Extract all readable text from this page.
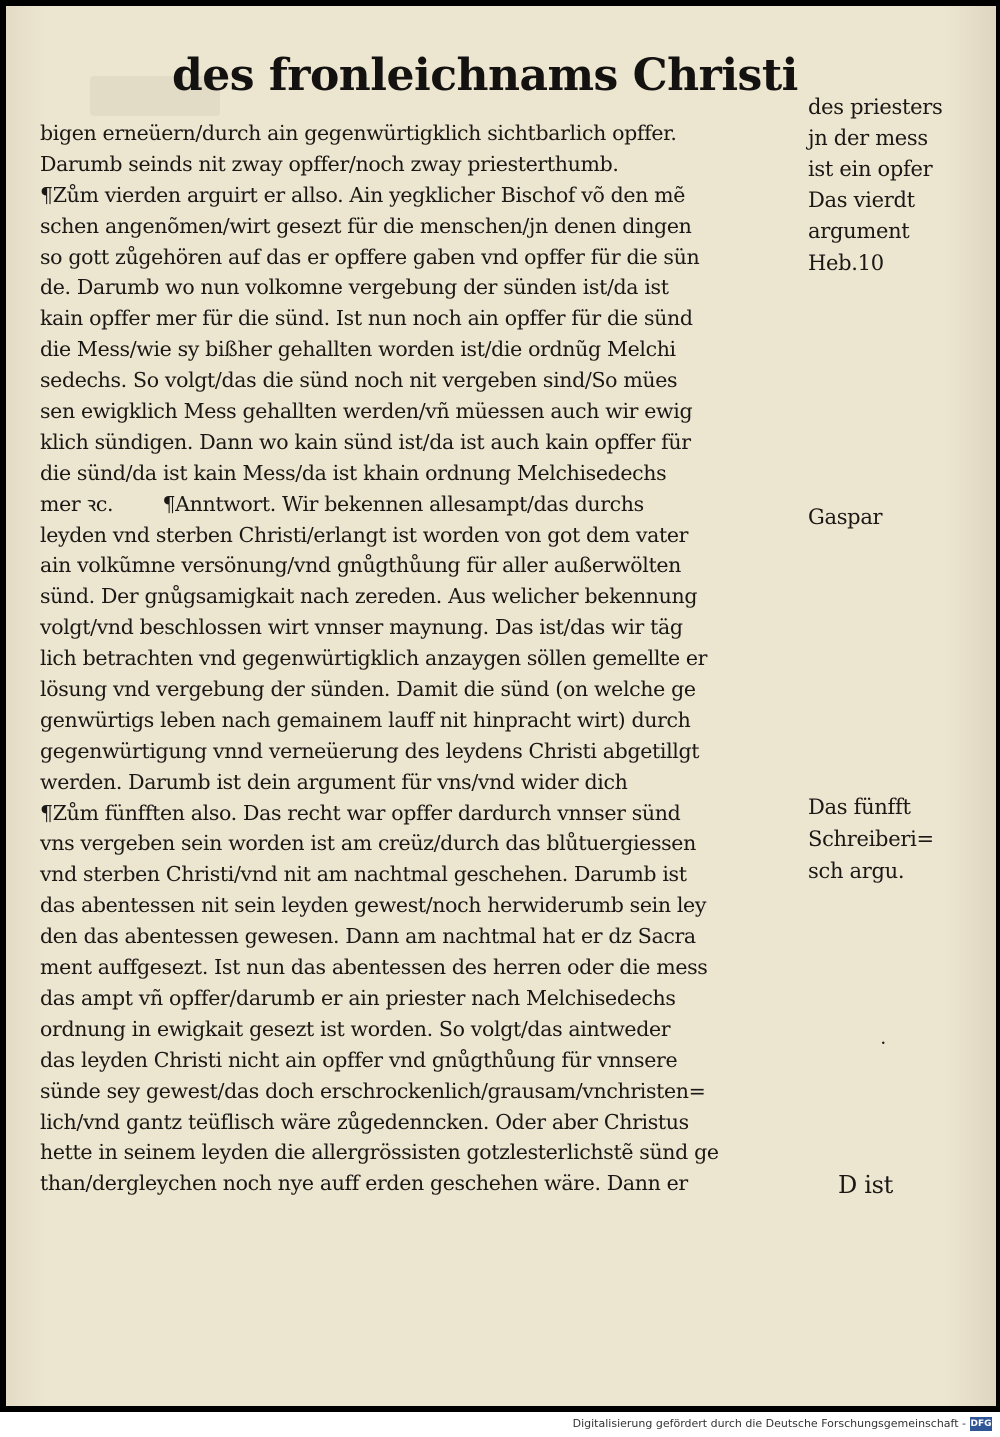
des fronleichnams Christi
bigen erneüern/durch ain gegenwürtigklich sichtbarlich opffer.
Darumb seinds nit zway opffer/noch zway priesterthumb.
¶Zům vierden arguirt er allso. Ain yegklicher Bischof võ den mẽ
schen angenõmen/wirt gesezt für die menschen/jn denen dingen
so gott zůgehören auf das er opffere gaben vnd opffer für die sün
de. Darumb wo nun volkomne vergebung der sünden ist/da ist
kain opffer mer für die sünd. Ist nun noch ain opffer für die sünd
die Mess/wie sy bißher gehallten worden ist/die ordnũg Melchi
sedechs. So volgt/das die sünd noch nit vergeben sind/So mües
sen ewigklich Mess gehallten werden/vñ müessen auch wir ewig
klich sündigen. Dann wo kain sünd ist/da ist auch kain opffer für
die sünd/da ist kain Mess/da ist khain ordnung Melchisedechs
mer ꝛc.        ¶Anntwort. Wir bekennen allesampt/das durchs
leyden vnd sterben Christi/erlangt ist worden von got dem vater
ain volkũmne versönung/vnd gnůgthůung für aller außerwölten
sünd. Der gnůgsamigkait nach zereden. Aus welicher bekennung
volgt/vnd beschlossen wirt vnnser maynung. Das ist/das wir täg
lich betrachten vnd gegenwürtigklich anzaygen söllen gemellte er
lösung vnd vergebung der sünden. Damit die sünd (on welche ge
genwürtigs leben nach gemainem lauff nit hinpracht wirt) durch
gegenwürtigung vnnd verneüerung des leydens Christi abgetillgt
werden. Darumb ist dein argument für vns/vnd wider dich
¶Zům fünfften also. Das recht war opffer dardurch vnnser sünd
vns vergeben sein worden ist am creüz/durch das blůtuergiessen
vnd sterben Christi/vnd nit am nachtmal geschehen. Darumb ist
das abentessen nit sein leyden gewest/noch herwiderumb sein ley
den das abentessen gewesen. Dann am nachtmal hat er dz Sacra
ment auffgesezt. Ist nun das abentessen des herren oder die mess
das ampt vñ opffer/darumb er ain priester nach Melchisedechs
ordnung in ewigkait gesezt ist worden. So volgt/das aintweder
das leyden Christi nicht ain opffer vnd gnůgthůung für vnnsere
sünde sey gewest/das doch erschrockenlich/grausam/vnchristen=
lich/vnd gantz teüflisch wäre zůgedenncken. Oder aber Christus
hette in seinem leyden die allergrössisten gotzlesterlichstẽ sünd ge
than/dergleychen noch nye auff erden geschehen wäre. Dann er
des priesters
jn der mess
ist ein opfer
Das vierdt
argument
Heb.10
Gaspar
Das fünfft
Schreiberi=
sch argu.
˙
D ist
Digitalisierung gefördert durch die Deutsche Forschungsgemeinschaft - DFG
